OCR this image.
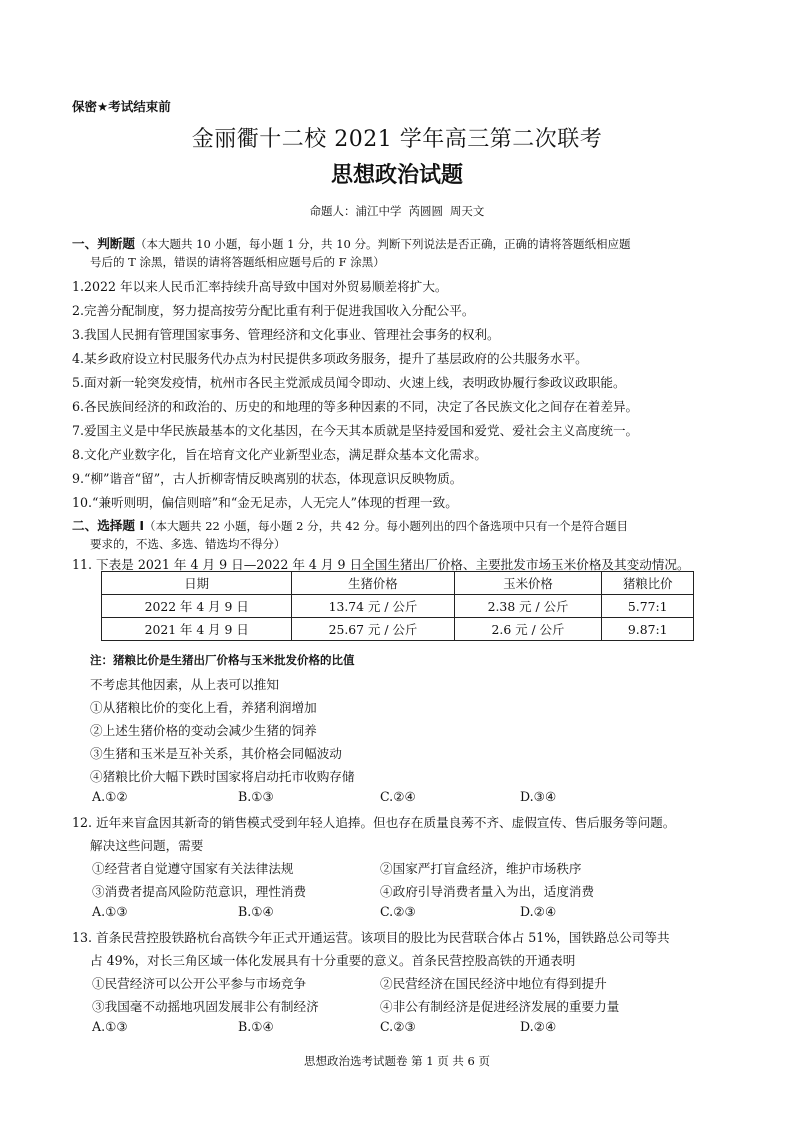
保密★考试结束前
金丽衢十二校 2021 学年高三第二次联考
思想政治试题
命题人：浦江中学 芮圆圆 周天文
一、判断题（本大题共 10 小题，每小题 1 分，共 10 分。判断下列说法是否正确，正确的请将答题纸相应题
号后的 T 涂黑，错误的请将答题纸相应题号后的 F 涂黑）
1.2022 年以来人民币汇率持续升高导致中国对外贸易顺差将扩大。
2.完善分配制度，努力提高按劳分配比重有利于促进我国收入分配公平。
3.我国人民拥有管理国家事务、管理经济和文化事业、管理社会事务的权利。
4.某乡政府设立村民服务代办点为村民提供多项政务服务，提升了基层政府的公共服务水平。
5.面对新一轮突发疫情，杭州市各民主党派成员闻令即动、火速上线，表明政协履行参政议政职能。
6.各民族间经济的和政治的、历史的和地理的等多种因素的不同，决定了各民族文化之间存在着差异。
7.爱国主义是中华民族最基本的文化基因，在今天其本质就是坚持爱国和爱党、爱社会主义高度统一。
8.文化产业数字化，旨在培育文化产业新型业态，满足群众基本文化需求。
9.“柳”谐音“留”，古人折柳寄情反映离别的状态，体现意识反映物质。
10.“兼听则明，偏信则暗”和“金无足赤，人无完人”体现的哲理一致。
二、选择题 I（本大题共 22 小题，每小题 2 分，共 42 分。每小题列出的四个备选项中只有一个是符合题目
要求的，不选、多选、错选均不得分）
11. 下表是 2021 年 4 月 9 日—2022 年 4 月 9 日全国生猪出厂价格、主要批发市场玉米价格及其变动情况。
日期	生猪价格	玉米价格	猪粮比价
2022 年 4 月 9 日	13.74 元 / 公斤	2.38 元 / 公斤	5.77:1
2021 年 4 月 9 日	25.67 元 / 公斤	2.6 元 / 公斤	9.87:1
注：猪粮比价是生猪出厂价格与玉米批发价格的比值
不考虑其他因素，从上表可以推知
①从猪粮比价的变化上看，养猪利润增加
②上述生猪价格的变动会减少生猪的饲养
③生猪和玉米是互补关系，其价格会同幅波动
④猪粮比价大幅下跌时国家将启动托市收购存储
A.①②	B.①③	C.②④	D.③④
12. 近年来盲盒因其新奇的销售模式受到年轻人追捧。但也存在质量良莠不齐、虚假宣传、售后服务等问题。
解决这些问题，需要
①经营者自觉遵守国家有关法律法规	②国家严打盲盒经济，维护市场秩序
③消费者提高风险防范意识，理性消费	④政府引导消费者量入为出，适度消费
A.①③	B.①④	C.②③	D.②④
13. 首条民营控股铁路杭台高铁今年正式开通运营。该项目的股比为民营联合体占 51%，国铁路总公司等共
占 49%，对长三角区域一体化发展具有十分重要的意义。首条民营控股高铁的开通表明
①民营经济可以公开公平参与市场竞争	②民营经济在国民经济中地位有得到提升
③我国毫不动摇地巩固发展非公有制经济	④非公有制经济是促进经济发展的重要力量
A.①③	B.①④	C.②③	D.②④
思想政治选考试题卷 第 1 页 共 6 页
